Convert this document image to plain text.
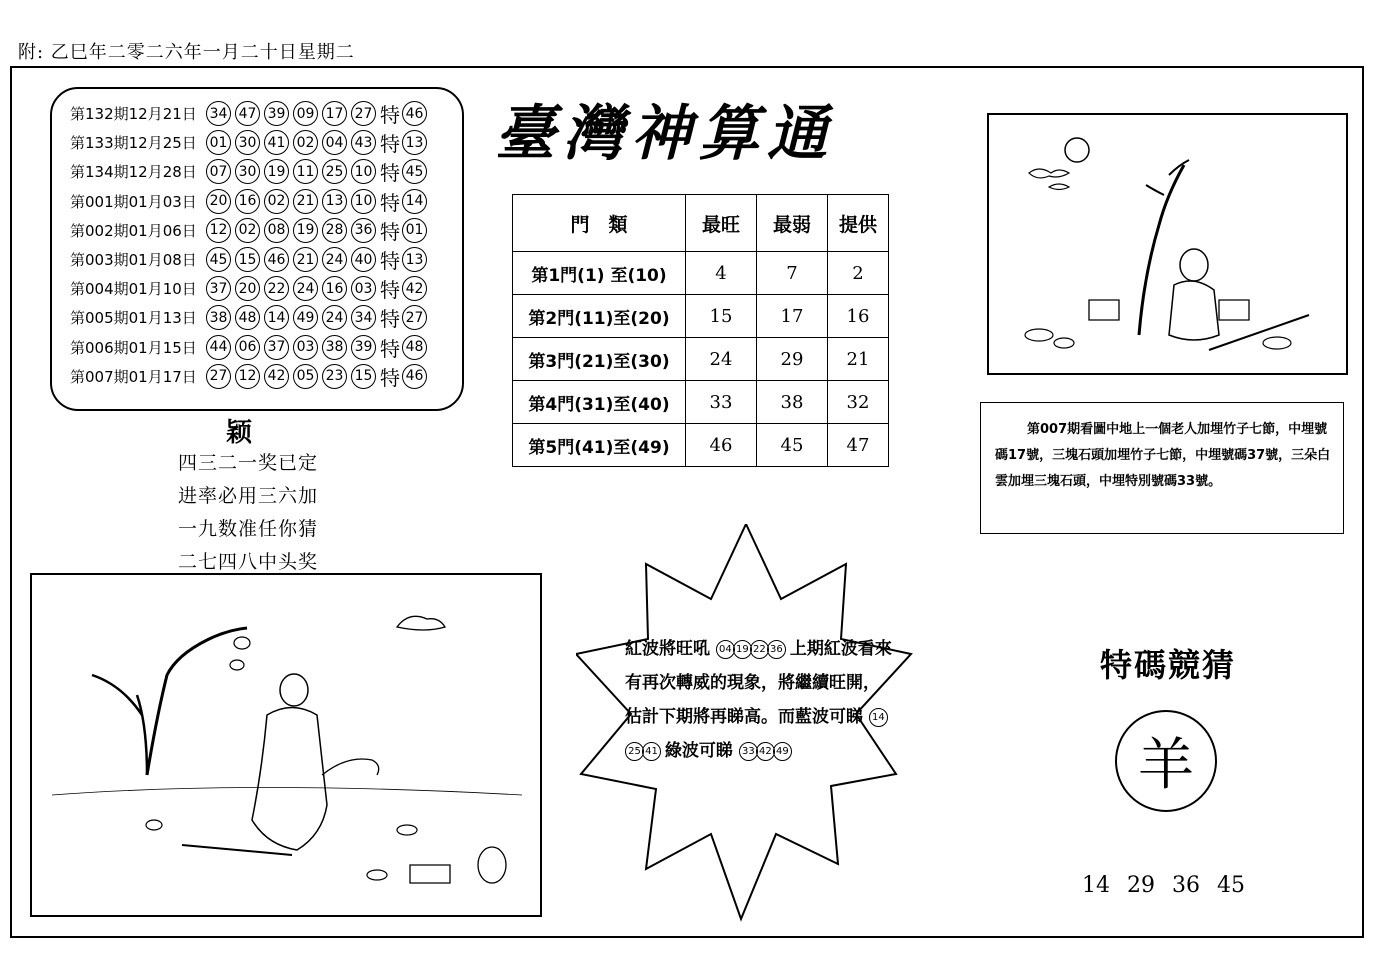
附: 乙巳年二零二六年一月二十日星期二
第132期12月21日 34 47 39 09 17 27 特 46
第133期12月25日 01 30 41 02 04 43 特 13
第134期12月28日 07 30 19 11 25 10 特 45
第001期01月03日 20 16 02 21 13 10 特 14
第002期01月06日 12 02 08 19 28 36 特 01
第003期01月08日 45 15 46 21 24 40 特 13
第004期01月10日 37 20 22 24 16 03 特 42
第005期01月13日 38 48 14 49 24 34 特 27
第006期01月15日 44 06 37 03 38 39 特 48
第007期01月17日 27 12 42 05 23 15 特 46
颖
四三二一奖已定
进率必用三六加
一九数准任你猜
二七四八中头奖
臺灣神算通
門　類	最旺	最弱	提供
第1門(1) 至(10)	4	7	2
第2門(11)至(20)	15	17	16
第3門(21)至(30)	24	29	21
第4門(31)至(40)	33	38	32
第5門(41)至(49)	46	45	47
第007期看圖中地上一個老人加埋竹子七節，中埋號碼17號，三塊石頭加埋竹子七節，中埋號碼37號，三朵白雲加埋三塊石頭，中埋特別號碼33號。
紅波將旺吼 04 19 22 36 上期紅波看來有再次轉威的現象，將繼續旺開，估計下期將再睇高。而藍波可睇 1425 41 綠波可睇 33 42 49
特碼競猜
羊
14 29 36 45
